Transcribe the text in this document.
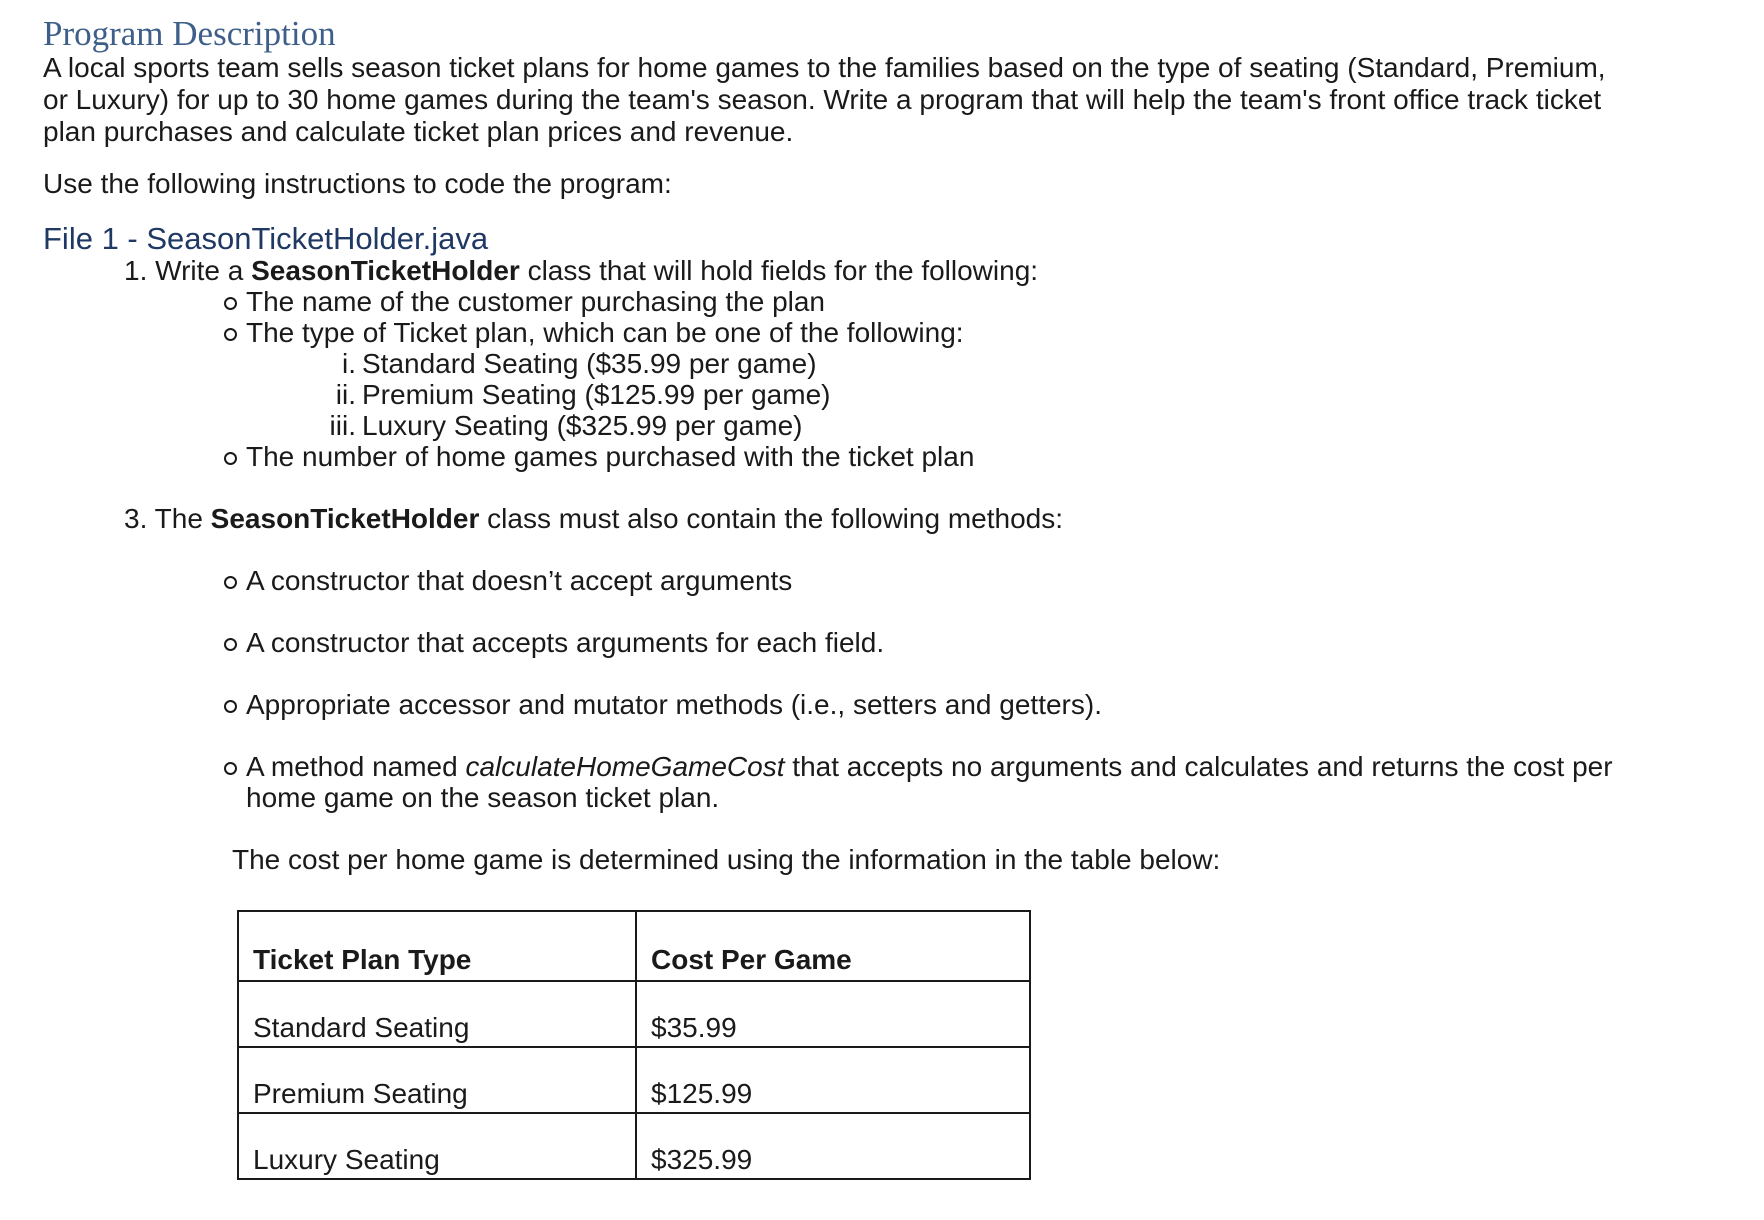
Program Description
A local sports team sells season ticket plans for home games to the families based on the type of seating (Standard, Premium,
or Luxury) for up to 30 home games during the team's season. Write a program that will help the team's front office track ticket
plan purchases and calculate ticket plan prices and revenue.
Use the following instructions to code the program:
File 1 - SeasonTicketHolder.java
1. Write a SeasonTicketHolder class that will hold fields for the following:
The name of the customer purchasing the plan
The type of Ticket plan, which can be one of the following:
i. Standard Seating ($35.99 per game)
ii. Premium Seating ($125.99 per game)
iii. Luxury Seating ($325.99 per game)
The number of home games purchased with the ticket plan
3. The SeasonTicketHolder class must also contain the following methods:
A constructor that doesn’t accept arguments
A constructor that accepts arguments for each field.
Appropriate accessor and mutator methods (i.e., setters and getters).
A method named calculateHomeGameCost that accepts no arguments and calculates and returns the cost per
home game on the season ticket plan.
The cost per home game is determined using the information in the table below:
Ticket Plan Type	Cost Per Game
Standard Seating	$35.99
Premium Seating	$125.99
Luxury Seating	$325.99
